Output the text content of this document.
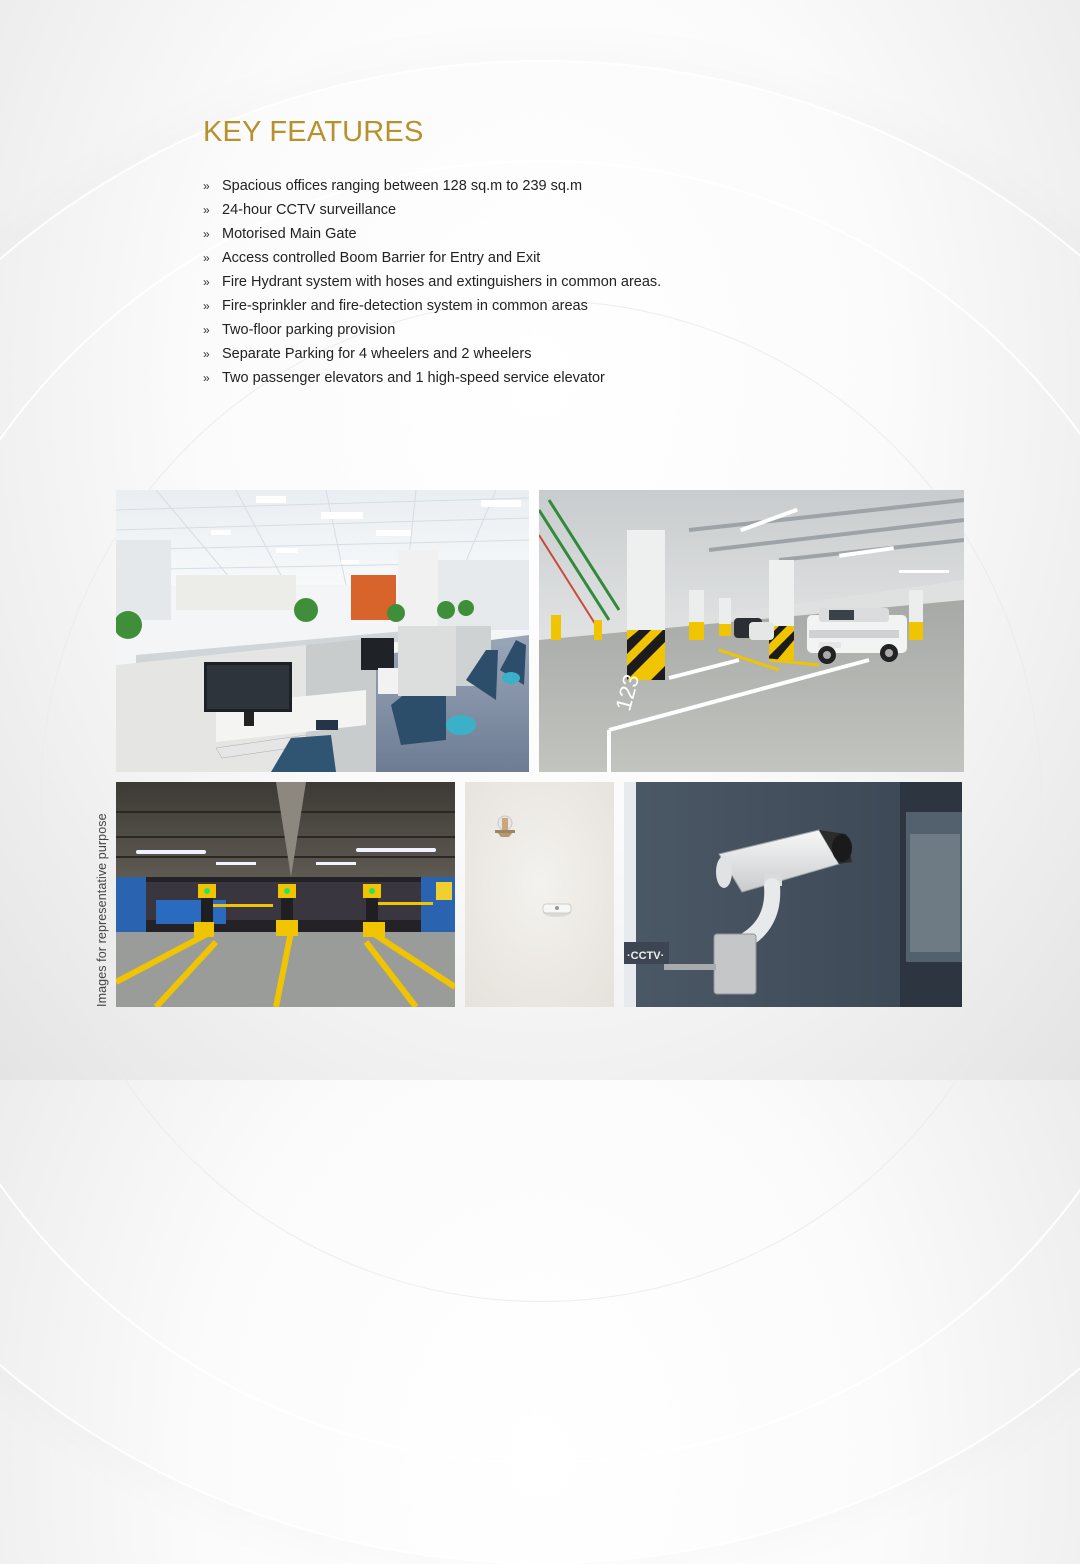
KEY FEATURES
» Spacious offices ranging between 128 sq.m to 239 sq.m
» 24-hour CCTV surveillance
» Motorised Main Gate
» Access controlled Boom Barrier for Entry and Exit
» Fire Hydrant system with hoses and extinguishers in common areas.
» Fire-sprinkler and fire-detection system in common areas
» Two-floor parking provision
» Separate Parking for 4 wheelers and 2 wheelers
» Two passenger elevators and 1 high-speed service elevator
123
·CCTV·
Images for representative purpose
